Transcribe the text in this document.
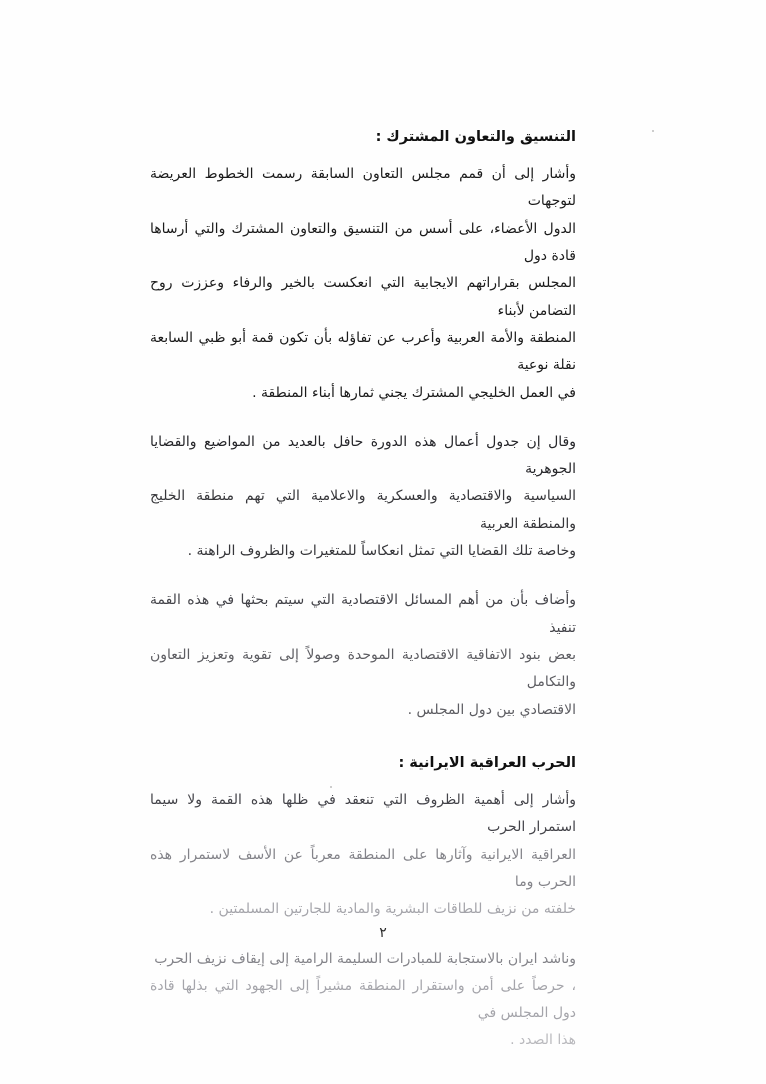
التنسيق والتعاون المشترك :

وأشار إلى أن قمم مجلس التعاون السابقة رسمت الخطوط العريضة لتوجهات
الدول الأعضاء، على أسس من التنسيق والتعاون المشترك والتي أرساها قادة دول
المجلس بقراراتهم الايجابية التي انعكست بالخير والرفاء وعززت روح التضامن لأبناء
المنطقة والأمة العربية وأعرب عن تفاؤله بأن تكون قمة أبو ظبي السابعة نقلة نوعية
في العمل الخليجي المشترك يجني ثمارها أبناء المنطقة .

وقال إن جدول أعمال هذه الدورة حافل بالعديد من المواضيع والقضايا الجوهرية
السياسية والاقتصادية والعسكرية والاعلامية التي تهم منطقة الخليج والمنطقة العربية
وخاصة تلك القضايا التي تمثل انعكاساً للمتغيرات والظروف الراهنة .

وأضاف بأن من أهم المسائل الاقتصادية التي سيتم بحثها في هذه القمة تنفيذ
بعض بنود الاتفاقية الاقتصادية الموحدة وصولاً إلى تقوية وتعزيز التعاون والتكامل
الاقتصادي بين دول المجلس .

الحرب العراقية الايرانية :

وأشار إلى أهمية الظروف التي تنعقد في ظلها هذه القمة ولا سيما استمرار الحرب
العراقية الايرانية وآثارها على المنطقة معرباً عن الأسف لاستمرار هذه الحرب وما
خلفته من نزيف للطاقات البشرية والمادية للجارتين المسلمتين .

وناشد ايران بالاستجابة للمبادرات السليمة الرامية إلى إيقاف نزيف الحرب
، حرصاً على أمن واستقرار المنطقة مشيراً إلى الجهود التي بذلها قادة دول المجلس في
هذا الصدد .

٢
